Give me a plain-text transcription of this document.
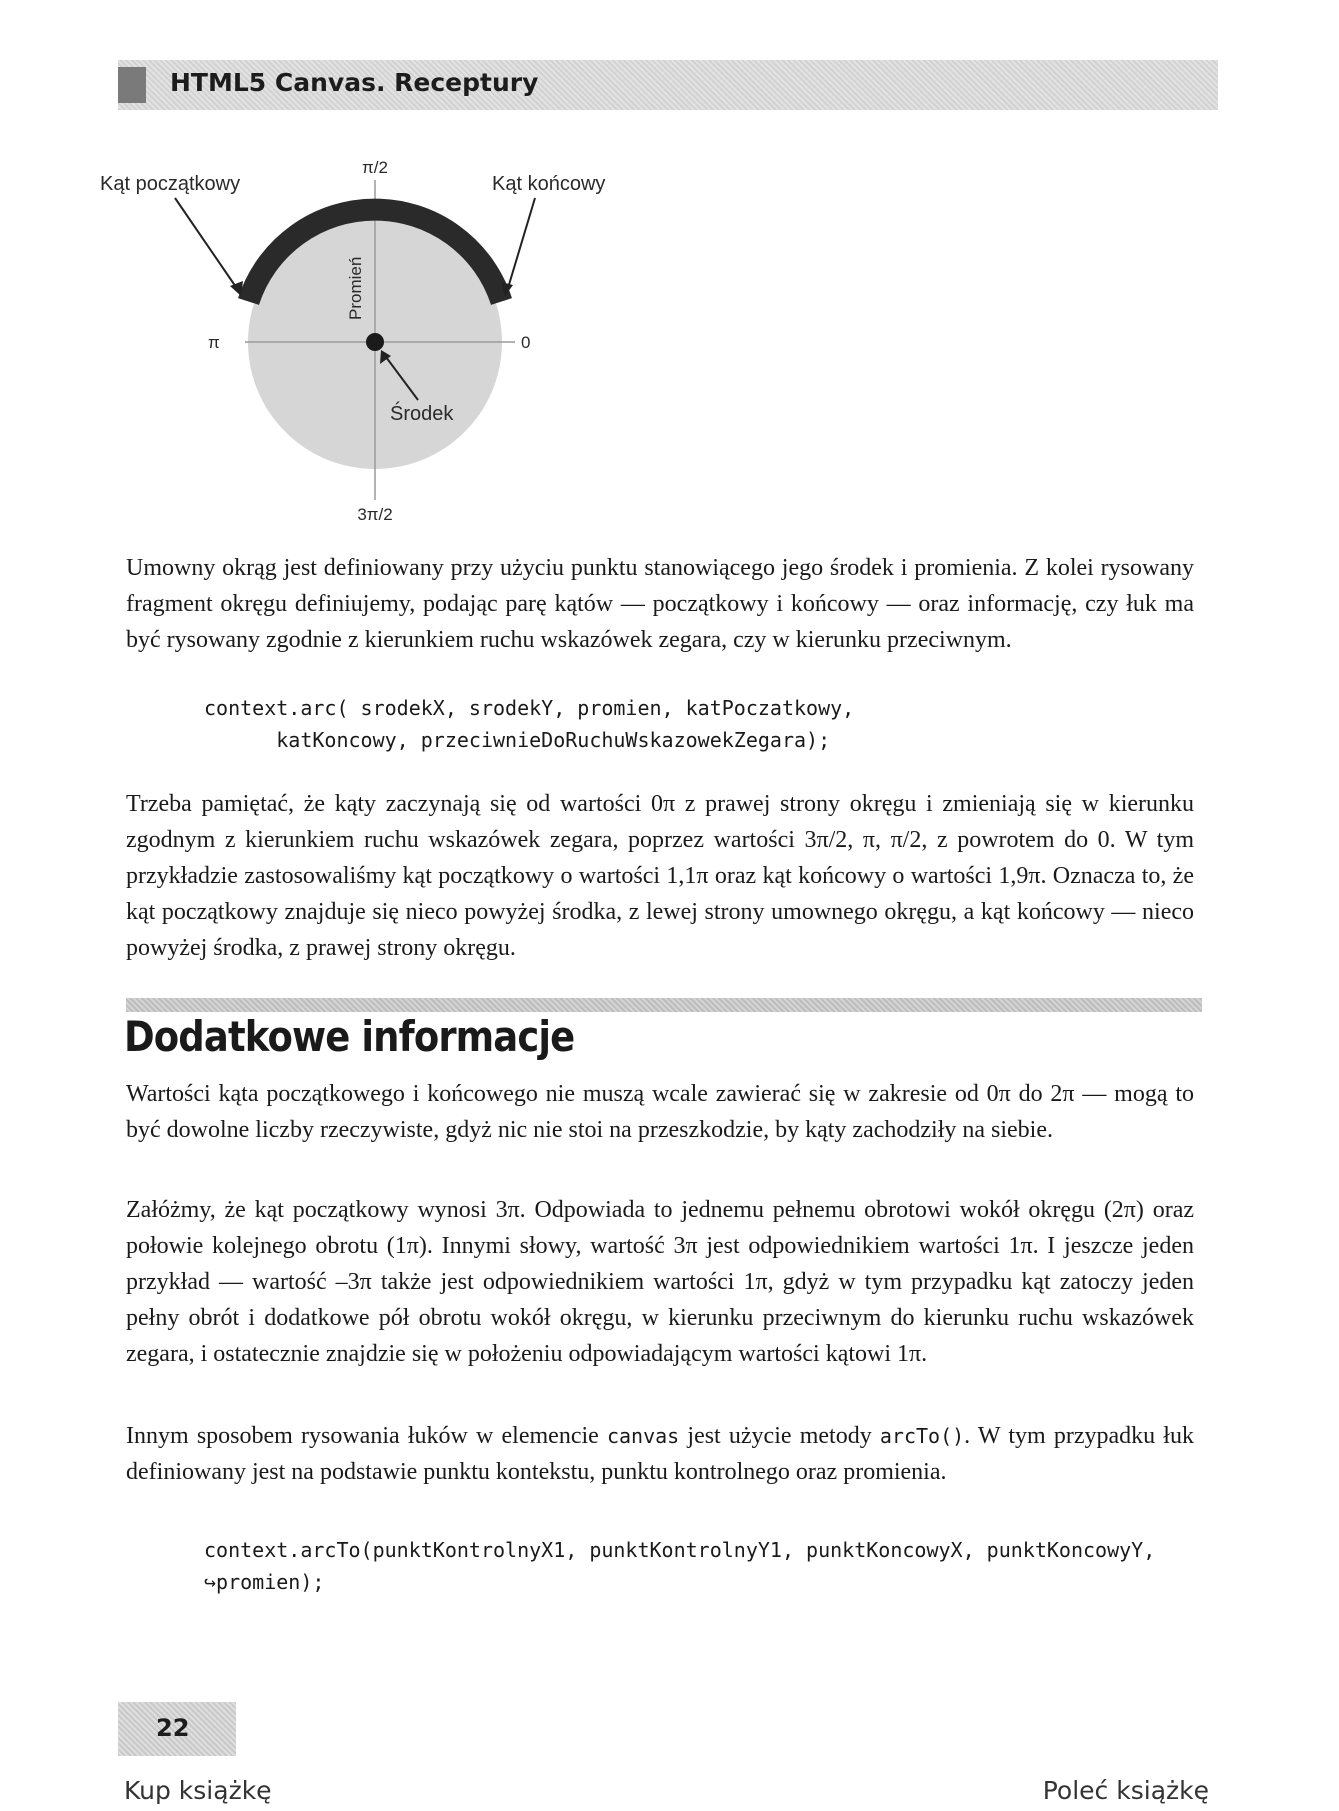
HTML5 Canvas. Receptury
π/2
Kąt początkowy	Kąt końcowy
Promień
π	0
Środek
3π/2

Umowny okrąg jest definiowany przy użyciu punktu stanowiącego jego środek i promienia. Z kolei rysowany fragment okręgu definiujemy, podając parę kątów — początkowy i końcowy — oraz informację, czy łuk ma być rysowany zgodnie z kierunkiem ruchu wskazówek zegara, czy w kierunku przeciwnym.

context.arc( srodekX, srodekY, promien, katPoczatkowy,
katKoncowy, przeciwnieDoRuchuWskazowekZegara);

Trzeba pamiętać, że kąty zaczynają się od wartości 0π z prawej strony okręgu i zmieniają się w kierunku zgodnym z kierunkiem ruchu wskazówek zegara, poprzez wartości 3π/2, π, π/2, z powrotem do 0. W tym przykładzie zastosowaliśmy kąt początkowy o wartości 1,1π oraz kąt końcowy o wartości 1,9π. Oznacza to, że kąt początkowy znajduje się nieco powyżej środka, z lewej strony umownego okręgu, a kąt końcowy — nieco powyżej środka, z prawej strony okręgu.

Dodatkowe informacje

Wartości kąta początkowego i końcowego nie muszą wcale zawierać się w zakresie od 0π do 2π — mogą to być dowolne liczby rzeczywiste, gdyż nic nie stoi na przeszkodzie, by kąty zachodziły na siebie.

Załóżmy, że kąt początkowy wynosi 3π. Odpowiada to jednemu pełnemu obrotowi wokół okręgu (2π) oraz połowie kolejnego obrotu (1π). Innymi słowy, wartość 3π jest odpowiednikiem wartości 1π. I jeszcze jeden przykład — wartość –3π także jest odpowiednikiem wartości 1π, gdyż w tym przypadku kąt zatoczy jeden pełny obrót i dodatkowe pół obrotu wokół okręgu, w kierunku przeciwnym do kierunku ruchu wskazówek zegara, i ostatecznie znajdzie się w położeniu odpowiadającym wartości kątowi 1π.

Innym sposobem rysowania łuków w elemencie canvas jest użycie metody arcTo(). W tym przypadku łuk definiowany jest na podstawie punktu kontekstu, punktu kontrolnego oraz promienia.

context.arcTo(punktKontrolnyX1, punktKontrolnyY1, punktKoncowyX, punktKoncowyY,
↪promien);
22
Kup książkę	Poleć książkę
